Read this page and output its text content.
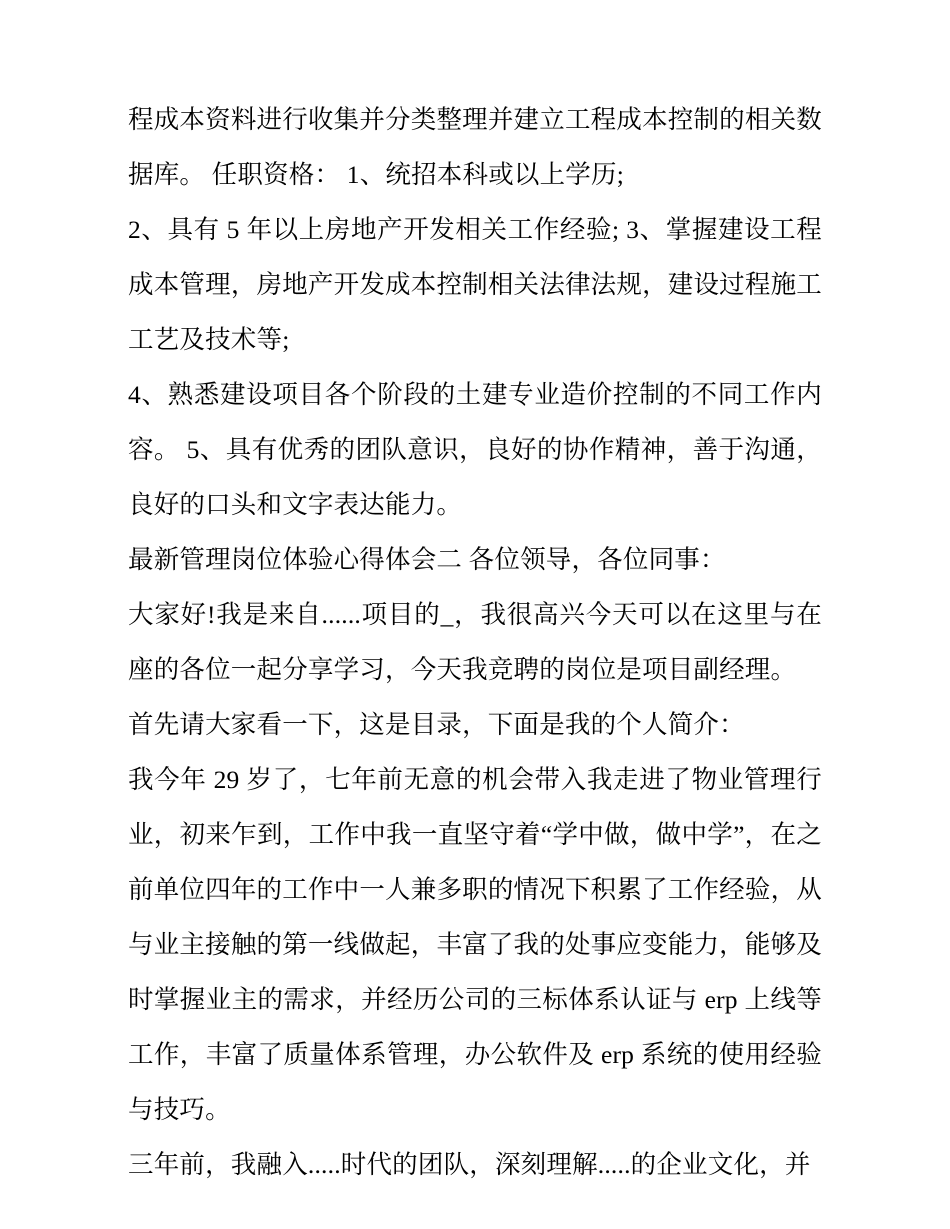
程成本资料进行收集并分类整理并建立工程成本控制的相关数据库。 任职资格： 1、统招本科或以上学历;

2、具有 5 年以上房地产开发相关工作经验; 3、掌握建设工程成本管理，房地产开发成本控制相关法律法规，建设过程施工工艺及技术等;

4、熟悉建设项目各个阶段的土建专业造价控制的不同工作内容。 5、具有优秀的团队意识，良好的协作精神，善于沟通，良好的口头和文字表达能力。

最新管理岗位体验心得体会二 各位领导，各位同事：

大家好!我是来自......项目的_，我很高兴今天可以在这里与在座的各位一起分享学习，今天我竞聘的岗位是项目副经理。

首先请大家看一下，这是目录，下面是我的个人简介：

我今年 29 岁了，七年前无意的机会带入我走进了物业管理行业，初来乍到，工作中我一直坚守着“学中做，做中学”，在之前单位四年的工作中一人兼多职的情况下积累了工作经验，从与业主接触的第一线做起，丰富了我的处事应变能力，能够及时掌握业主的需求，并经历公司的三标体系认证与 erp 上线等工作，丰富了质量体系管理，办公软件及 erp 系统的使用经验与技巧。

三年前，我融入.....时代的团队，深刻理解.....的企业文化，并
